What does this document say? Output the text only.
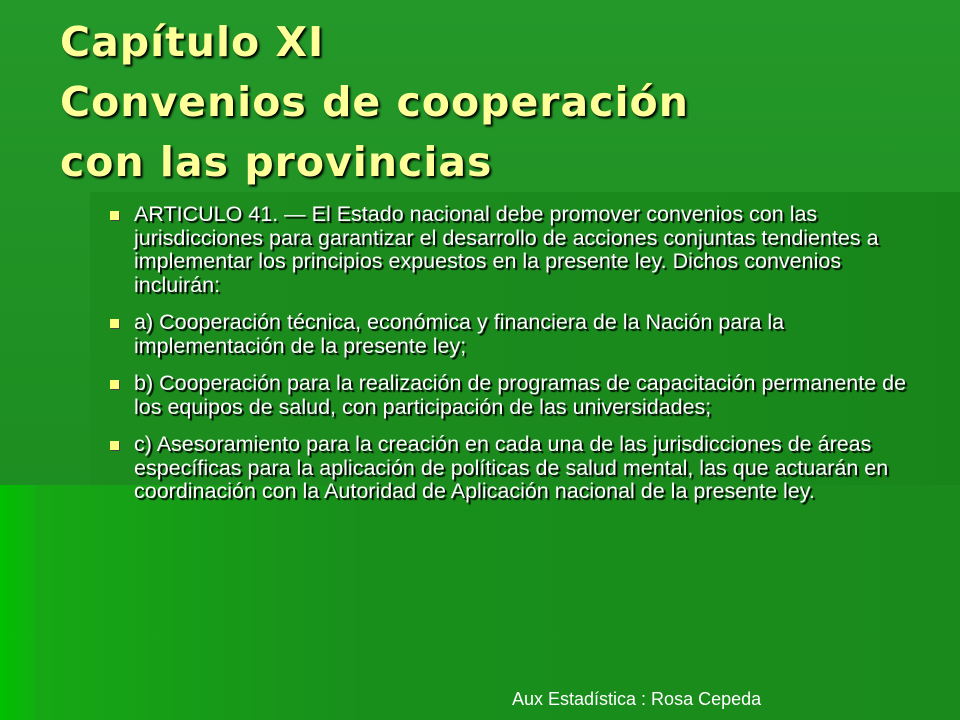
Capítulo XI
Convenios de cooperación
con las provincias
ARTICULO 41. — El Estado nacional debe promover convenios con las jurisdicciones para garantizar el desarrollo de acciones conjuntas tendientes a implementar los principios expuestos en la presente ley. Dichos convenios incluirán:
a) Cooperación técnica, económica y financiera de la Nación para la implementación de la presente ley;
b) Cooperación para la realización de programas de capacitación permanente de los equipos de salud, con participación de las universidades;
c) Asesoramiento para la creación en cada una de las jurisdicciones de áreas específicas para la aplicación de políticas de salud mental, las que actuarán en coordinación con la Autoridad de Aplicación nacional de la presente ley.
Aux Estadística : Rosa Cepeda
